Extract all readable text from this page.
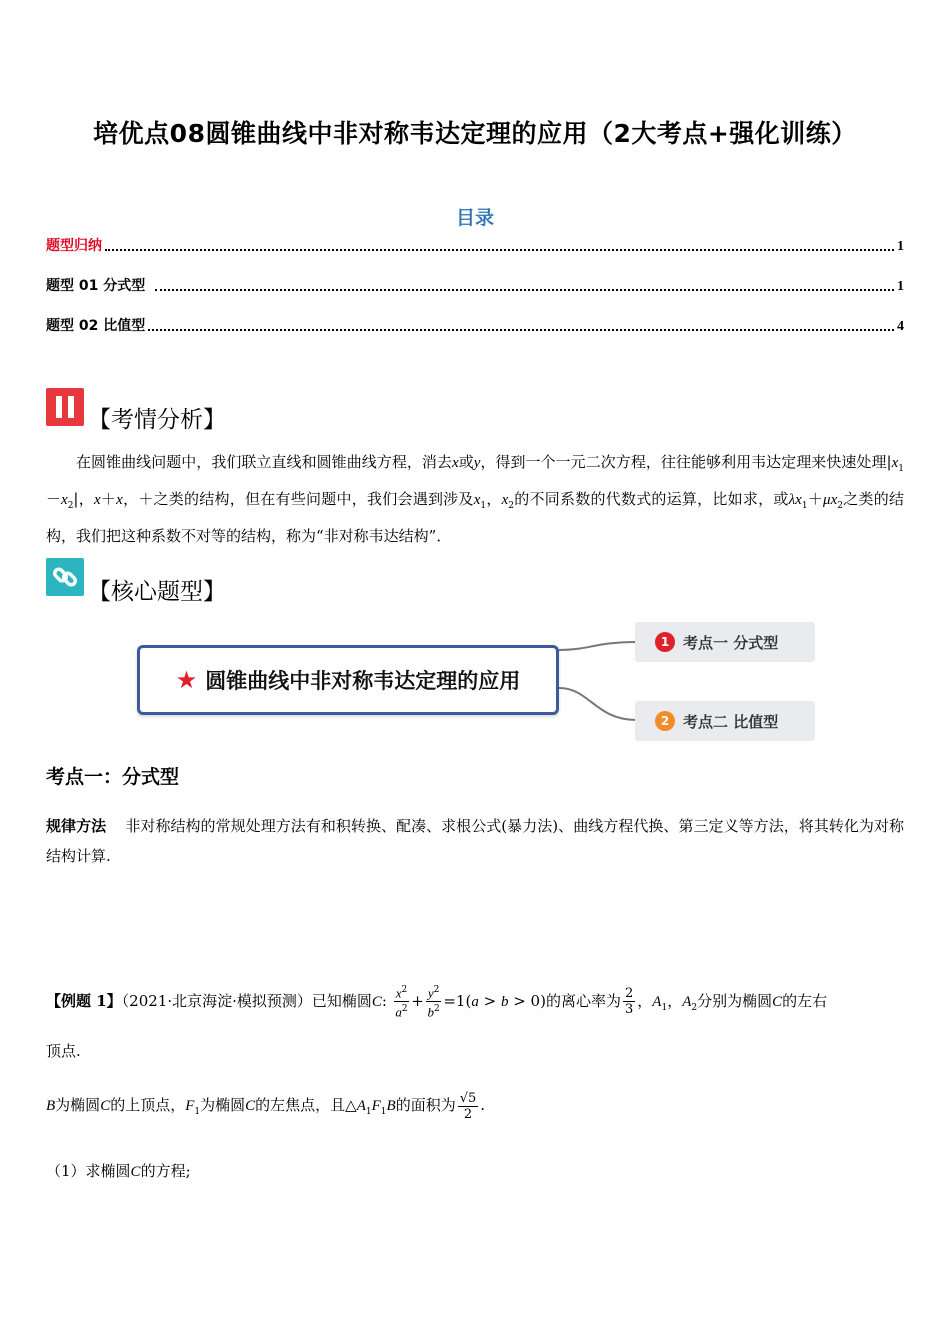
培优点08圆锥曲线中非对称韦达定理的应用（2大考点+强化训练）
目录
题型归纳	1
题型 01 分式型	1
题型 02 比值型	4
【考情分析】
在圆锥曲线问题中，我们联立直线和圆锥曲线方程，消去x或y，得到一个一元二次方程，往往能够利用韦达定理来快速处理$|x_1-x_2|$，x＋x，＋之类的结构，但在有些问题中，我们会遇到涉及$x_1$，$x_2$的不同系数的代数式的运算，比如求，或$\lambda x_1+\mu x_2$之类的结构，我们把这种系数不对等的结构，称为“非对称韦达结构”．
【核心题型】
★ 圆锥曲线中非对称韦达定理的应用
1 考点一 分式型
2 考点二 比值型
考点一：分式型
规律方法 非对称结构的常规处理方法有和积转换、配凑、求根公式(暴力法)、曲线方程代换、第三定义等方法，将其转化为对称结构计算.
【例题 1】（2021·北京海淀·模拟预测）已知椭圆C: $\frac{x^2}{a^2} + \frac{y^2}{b^2} =1(a > b > 0)$的离心率为 $\frac{2}{3}$ ，$A_1$，$A_2$分别为椭圆C的左右
顶点.
B为椭圆C的上顶点，$F_1$为椭圆C的左焦点，且$\triangle A_1F_1B$的面积为 $\frac{√5}{2}$ .
（1）求椭圆C的方程;
